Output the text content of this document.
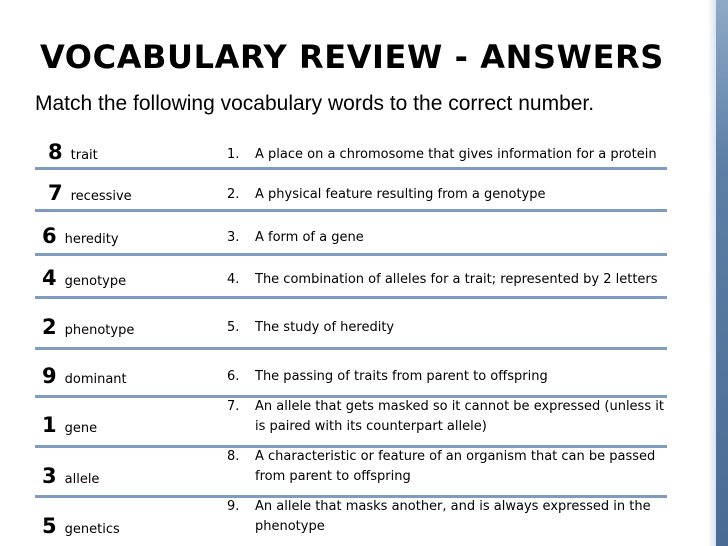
VOCABULARY REVIEW - ANSWERS

Match the following vocabulary words to the correct number.

8 trait
7 recessive
6 heredity
4 genotype
2 phenotype
9 dominant
1 gene
3 allele
5 genetics
1. A place on a chromosome that gives information for a protein
2. A physical feature resulting from a genotype
3. A form of a gene
4. The combination of alleles for a trait; represented by 2 letters
5. The study of heredity
6. The passing of traits from parent to offspring
7. An allele that gets masked so it cannot be expressed (unless it
is paired with its counterpart allele)
8. A characteristic or feature of an organism that can be passed
from parent to offspring
9. An allele that masks another, and is always expressed in the
phenotype
